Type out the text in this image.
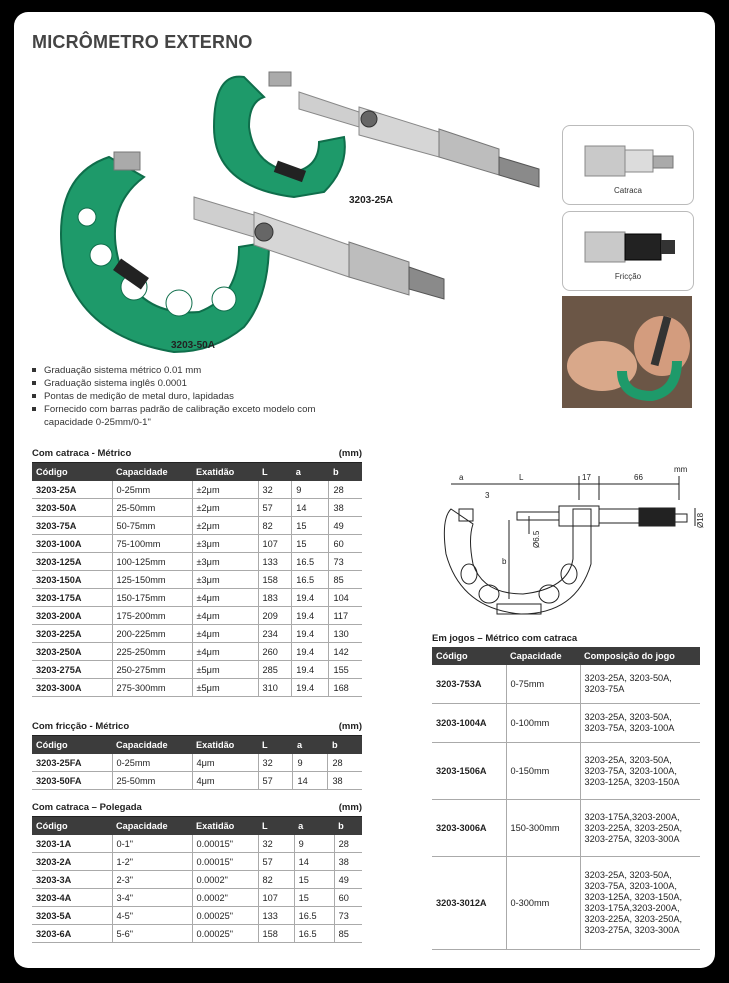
MICRÔMETRO EXTERNO
3203-25A
3203-50A
Catraca
Fricção
Graduação sistema métrico 0.01 mm
Graduação sistema inglês 0.0001
Pontas de medição de metal duro, lapidadas
Fornecido com barras padrão de calibração exceto modelo com capacidade 0-25mm/0-1"
Com catraca - Métrico	(mm)
Código	Capacidade	Exatidão	L	a	b
3203-25A	0-25mm	±2μm	32	9	28
3203-50A	25-50mm	±2μm	57	14	38
3203-75A	50-75mm	±2μm	82	15	49
3203-100A	75-100mm	±3μm	107	15	60
3203-125A	100-125mm	±3μm	133	16.5	73
3203-150A	125-150mm	±3μm	158	16.5	85
3203-175A	150-175mm	±4μm	183	19.4	104
3203-200A	175-200mm	±4μm	209	19.4	117
3203-225A	200-225mm	±4μm	234	19.4	130
3203-250A	225-250mm	±4μm	260	19.4	142
3203-275A	250-275mm	±5μm	285	19.4	155
3203-300A	275-300mm	±5μm	310	19.4	168
Com fricção - Métrico	(mm)
Código	Capacidade	Exatidão	L	a	b
3203-25FA	0-25mm	4μm	32	9	28
3203-50FA	25-50mm	4μm	57	14	38
Com catraca – Polegada	(mm)
Código	Capacidade	Exatidão	L	a	b
3203-1A	0-1"	0.00015"	32	9	28
3203-2A	1-2"	0.00015"	57	14	38
3203-3A	2-3"	0.0002"	82	15	49
3203-4A	3-4"	0.0002"	107	15	60
3203-5A	4-5"	0.00025"	133	16.5	73
3203-6A	5-6"	0.00025"	158	16.5	85
a	L
3
17	66
mm
b
Ø6.5
Ø18
Em jogos – Métrico com catraca
Código	Capacidade	Composição do jogo
3203-753A	0-75mm	3203-25A, 3203-50A, 3203-75A
3203-1004A	0-100mm	3203-25A, 3203-50A, 3203-75A, 3203-100A
3203-1506A	0-150mm	3203-25A, 3203-50A, 3203-75A, 3203-100A, 3203-125A, 3203-150A
3203-3006A	150-300mm	3203-175A,3203-200A, 3203-225A, 3203-250A, 3203-275A, 3203-300A
3203-3012A	0-300mm	3203-25A, 3203-50A, 3203-75A, 3203-100A, 3203-125A, 3203-150A, 3203-175A,3203-200A, 3203-225A, 3203-250A, 3203-275A, 3203-300A
